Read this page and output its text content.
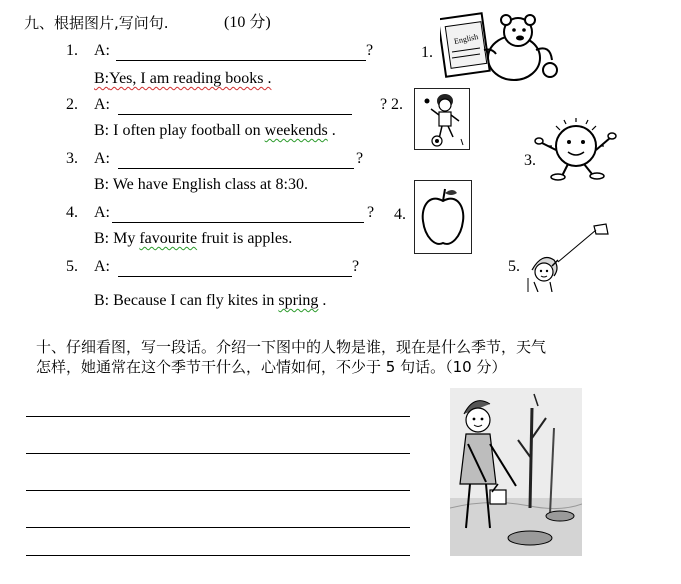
九、根据图片,写问句.	(10 分)
1. A:	?	1.
B:Yes, I am reading books .
English
2. A:	? 2.
B: I often play football on weekends .
3. A:	?	3.
B: We have English class at 8:30.
4. A:	? 4.
B: My favourite fruit is apples.
5. A:	?	5.
B: Because I can fly kites in spring .
十、仔细看图，写一段话。介绍一下图中的人物是谁，现在是什么季节，天气
怎样，她通常在这个季节干什么，心情如何，不少于 5 句话。（10 分）
